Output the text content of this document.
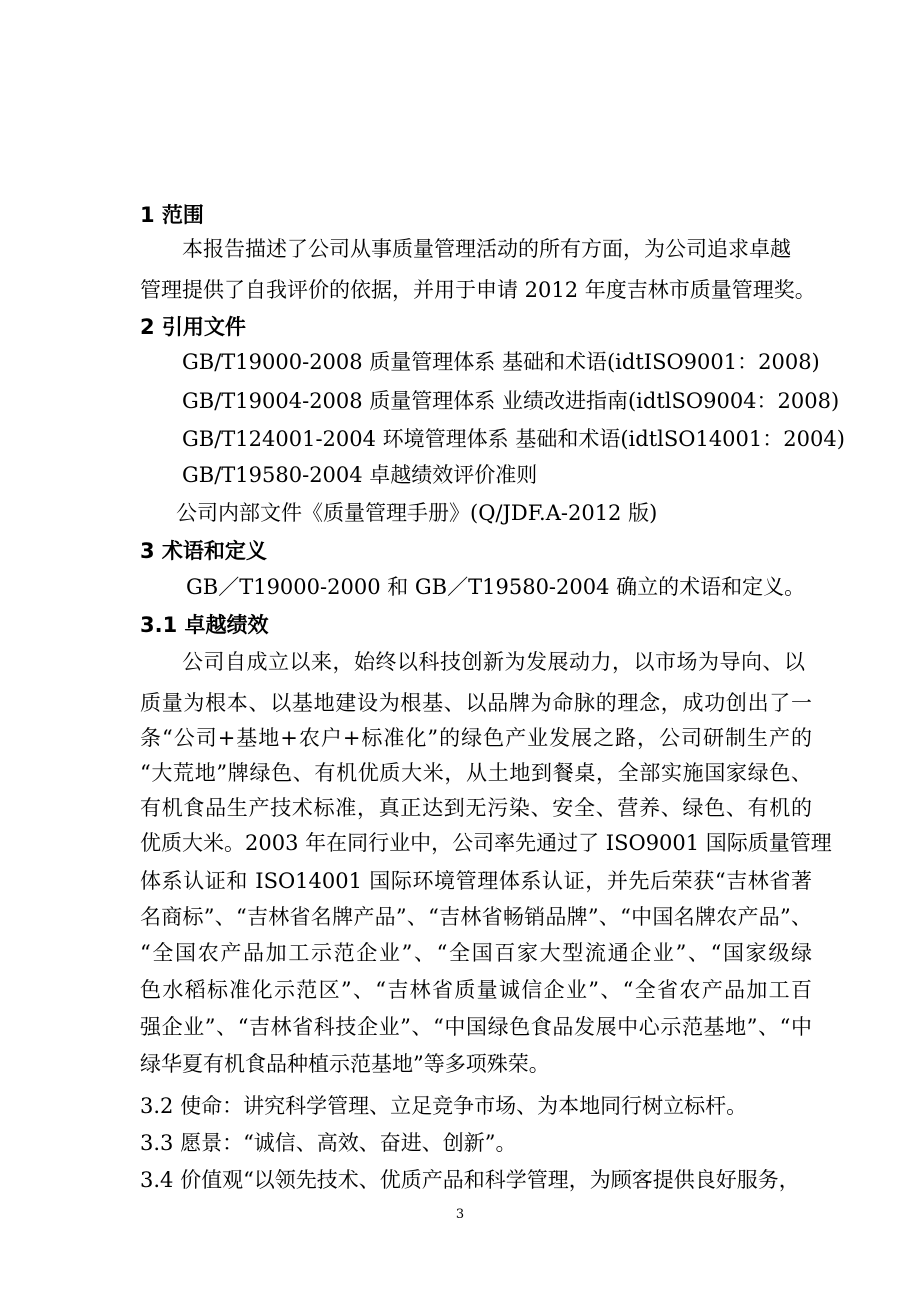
1 范围
本报告描述了公司从事质量管理活动的所有方面，为公司追求卓越
管理提供了自我评价的依据，并用于申请 2012 年度吉林市质量管理奖。
2 引用文件
GB/T19000-2008 质量管理体系 基础和术语(idtISO9001：2008)
GB/T19004-2008 质量管理体系 业绩改进指南(idtlSO9004：2008)
GB/T124001-2004 环境管理体系 基础和术语(idtlSO14001：2004)
GB/T19580-2004 卓越绩效评价准则
公司内部文件《质量管理手册》(Q/JDF.A-2012 版)
3 术语和定义
GB／T19000-2000 和 GB／T19580-2004 确立的术语和定义。
3.1 卓越绩效
公司自成立以来，始终以科技创新为发展动力，以市场为导向、以
质量为根本、以基地建设为根基、以品牌为命脉的理念，成功创出了一
条“公司+基地+农户+标准化”的绿色产业发展之路，公司研制生产的
“大荒地”牌绿色、有机优质大米，从土地到餐桌，全部实施国家绿色、
有机食品生产技术标准，真正达到无污染、安全、营养、绿色、有机的
优质大米。2003 年在同行业中，公司率先通过了 ISO9001 国际质量管理
体系认证和 ISO14001 国际环境管理体系认证，并先后荣获“吉林省著
名商标”、“吉林省名牌产品”、“吉林省畅销品牌”、“中国名牌农产品”、
“全国农产品加工示范企业”、“全国百家大型流通企业”、“国家级绿
色水稻标准化示范区”、“吉林省质量诚信企业”、“全省农产品加工百
强企业”、“吉林省科技企业”、“中国绿色食品发展中心示范基地”、“中
绿华夏有机食品种植示范基地”等多项殊荣。
3.2 使命：讲究科学管理、立足竞争市场、为本地同行树立标杆。
3.3 愿景：“诚信、高效、奋进、创新”。
3.4 价值观“以领先技术、优质产品和科学管理，为顾客提供良好服务，
3
